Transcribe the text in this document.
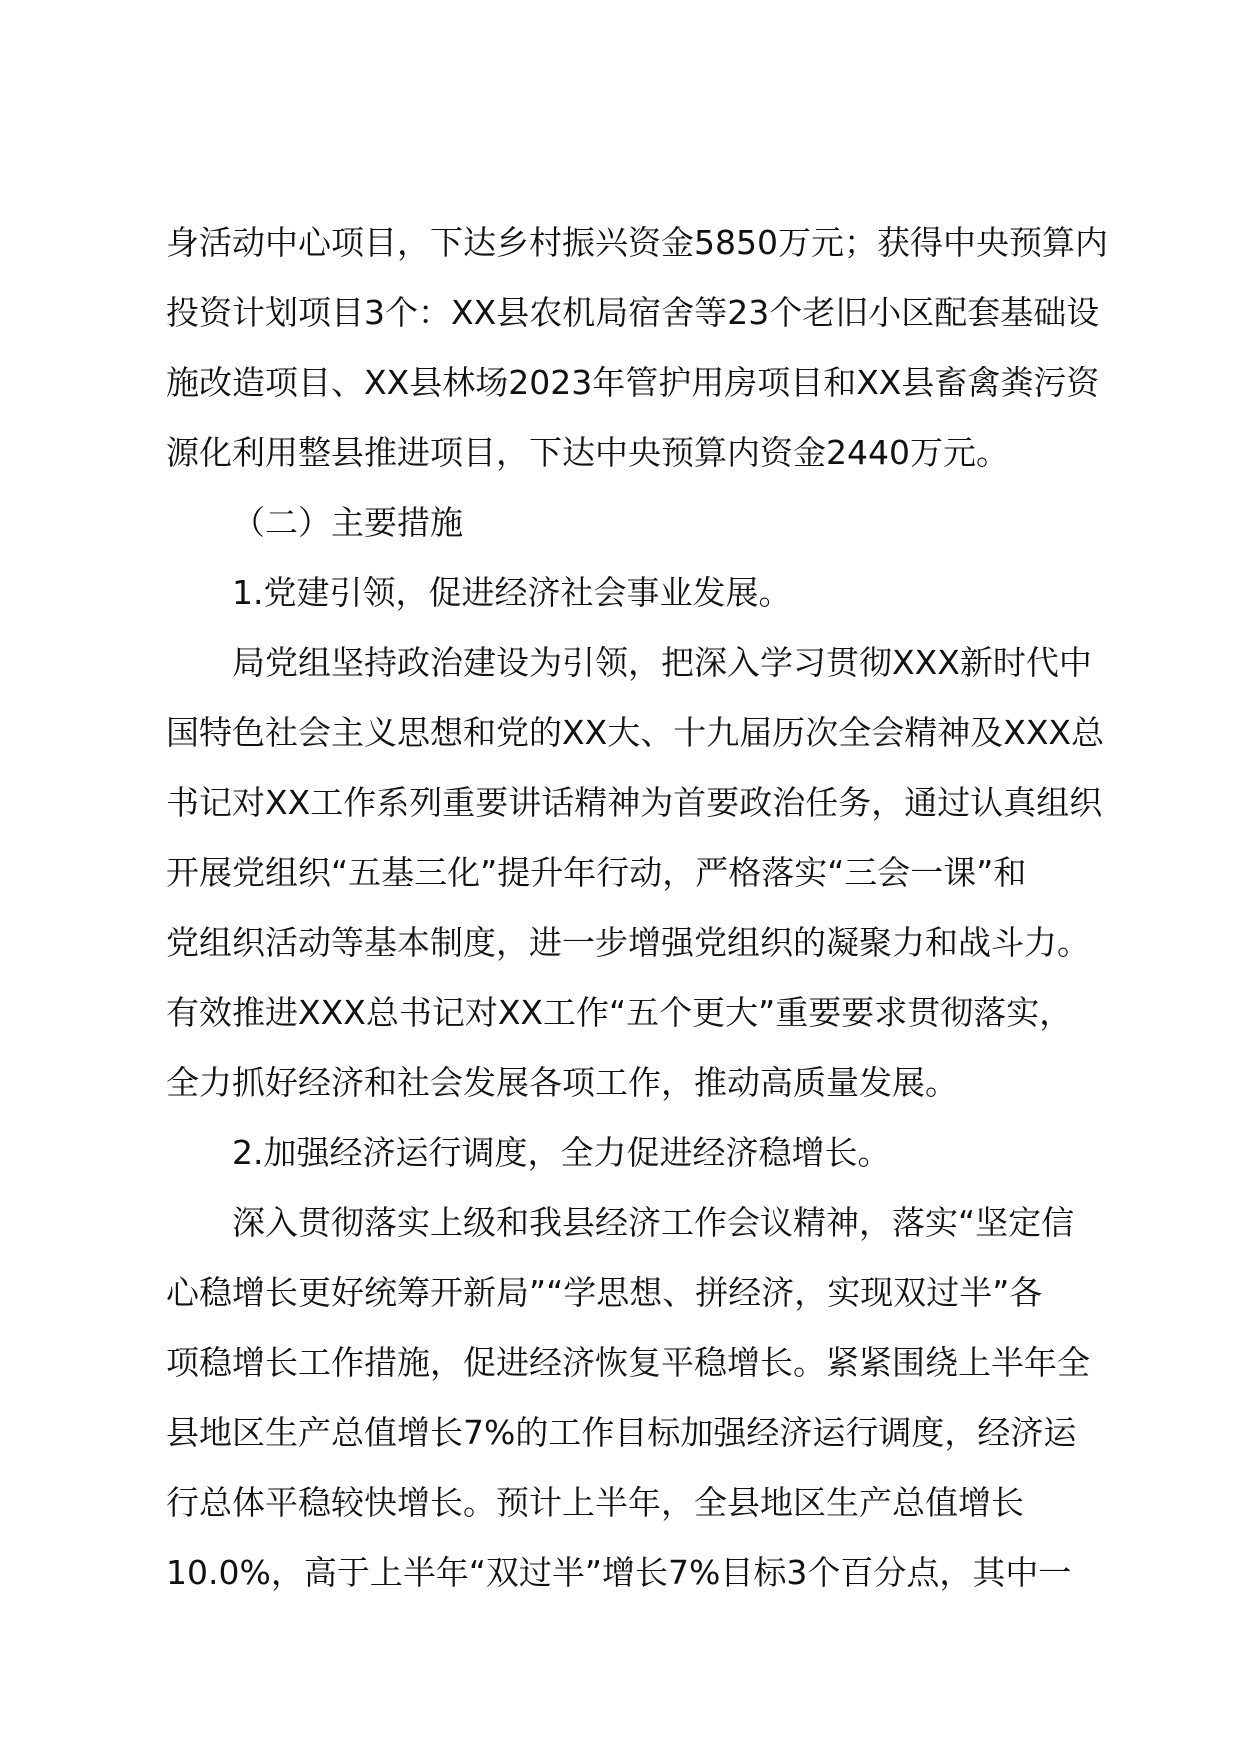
身活动中心项目，下达乡村振兴资金5850万元；获得中央预算内
投资计划项目3个：XX县农机局宿舍等23个老旧小区配套基础设
施改造项目、XX县林场2023年管护用房项目和XX县畜禽粪污资
源化利用整县推进项目，下达中央预算内资金2440万元。
（二）主要措施
1.党建引领，促进经济社会事业发展。
局党组坚持政治建设为引领，把深入学习贯彻XXX新时代中
国特色社会主义思想和党的XX大、十九届历次全会精神及XXX总
书记对XX工作系列重要讲话精神为首要政治任务，通过认真组织
开展党组织“五基三化”提升年行动，严格落实“三会一课”和
党组织活动等基本制度，进一步增强党组织的凝聚力和战斗力。
有效推进XXX总书记对XX工作“五个更大”重要要求贯彻落实，
全力抓好经济和社会发展各项工作，推动高质量发展。
2.加强经济运行调度，全力促进经济稳增长。
深入贯彻落实上级和我县经济工作会议精神，落实“坚定信
心稳增长更好统筹开新局”“学思想、拼经济，实现双过半”各
项稳增长工作措施，促进经济恢复平稳增长。紧紧围绕上半年全
县地区生产总值增长7%的工作目标加强经济运行调度，经济运
行总体平稳较快增长。预计上半年，全县地区生产总值增长
10.0%，高于上半年“双过半”增长7%目标3个百分点，其中一
